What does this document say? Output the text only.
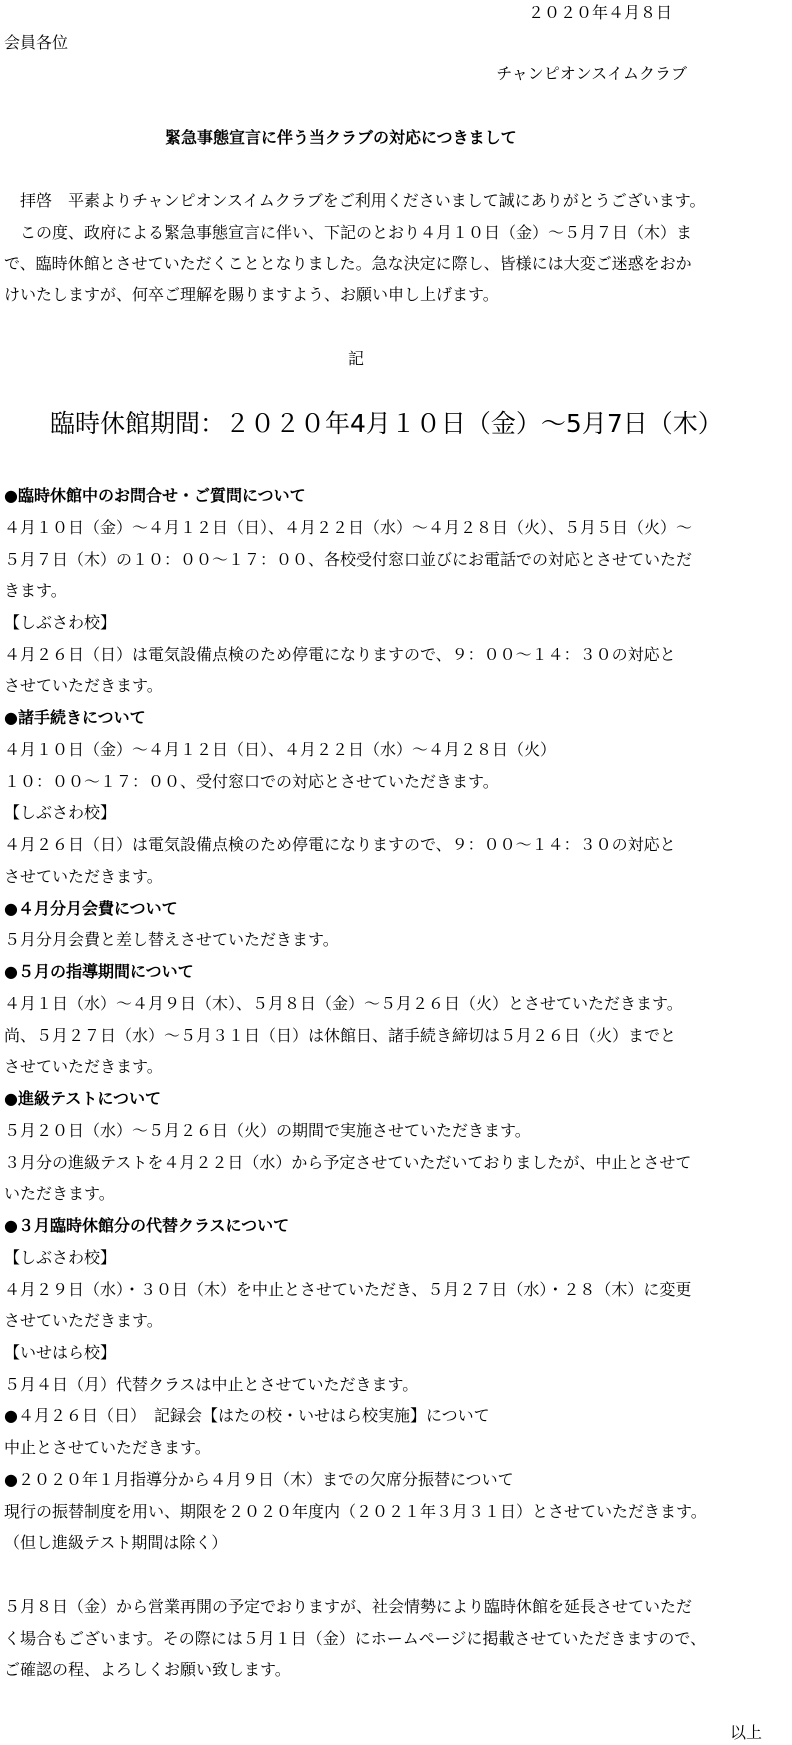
２０２０年４月８日

会員各位

チャンピオンスイムクラブ

緊急事態宣言に伴う当クラブの対応につきまして

　拝啓　平素よりチャンピオンスイムクラブをご利用くださいまして誠にありがとうございます。

　この度、政府による緊急事態宣言に伴い、下記のとおり４月１０日（金）～５月７日（木）ま

で、臨時休館とさせていただくこととなりました。急な決定に際し、皆様には大変ご迷惑をおか

けいたしますが、何卒ご理解を賜りますよう、お願い申し上げます。

記

臨時休館期間：２０２０年4月１０日（金）～5月7日（木）

●臨時休館中のお問合せ・ご質問について

４月１０日（金）～４月１２日（日）、４月２２日（水）～４月２８日（火）、５月５日（火）～

５月７日（木）の１０：００～１７：００、各校受付窓口並びにお電話での対応とさせていただ

きます。

【しぶさわ校】

４月２６日（日）は電気設備点検のため停電になりますので、９：００～１４：３０の対応と

させていただきます。

●諸手続きについて

４月１０日（金）～４月１２日（日）、４月２２日（水）～４月２８日（火）

１０：００～１７：００、受付窓口での対応とさせていただきます。

【しぶさわ校】

４月２６日（日）は電気設備点検のため停電になりますので、９：００～１４：３０の対応と

させていただきます。

●４月分月会費について

５月分月会費と差し替えさせていただきます。

●５月の指導期間について

４月１日（水）～４月９日（木）、５月８日（金）～５月２６日（火）とさせていただきます。

尚、５月２７日（水）～５月３１日（日）は休館日、諸手続き締切は５月２６日（火）までと

させていただきます。

●進級テストについて

５月２０日（水）～５月２６日（火）の期間で実施させていただきます。

３月分の進級テストを４月２２日（水）から予定させていただいておりましたが、中止とさせて

いただきます。

●３月臨時休館分の代替クラスについて

【しぶさわ校】

４月２９日（水）・３０日（木）を中止とさせていただき、５月２７日（水）・２８（木）に変更

させていただきます。

【いせはら校】

５月４日（月）代替クラスは中止とさせていただきます。

●４月２６日（日）　記録会【はたの校・いせはら校実施】について

中止とさせていただきます。

●２０２０年１月指導分から４月９日（木）までの欠席分振替について

現行の振替制度を用い、期限を２０２０年度内（２０２１年３月３１日）とさせていただきます。

（但し進級テスト期間は除く）

５月８日（金）から営業再開の予定でおりますが、社会情勢により臨時休館を延長させていただ

く場合もございます。その際には５月１日（金）にホームページに掲載させていただきますので、

ご確認の程、よろしくお願い致します。

以上
